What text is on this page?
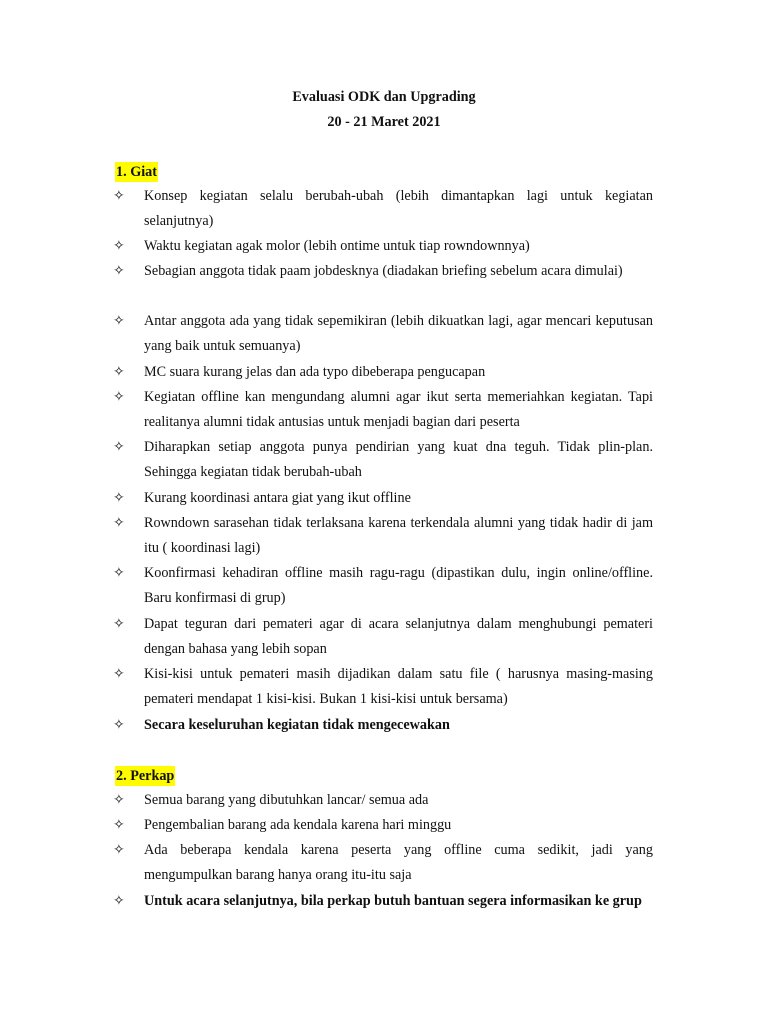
Evaluasi ODK dan Upgrading
20 - 21 Maret 2021
1. Giat
✧	Konsep kegiatan selalu berubah-ubah (lebih dimantapkan lagi untuk kegiatan selanjutnya)
✧	Waktu kegiatan agak molor (lebih ontime untuk tiap rowndownnya)
✧	Sebagian anggota tidak paam jobdesknya (diadakan briefing sebelum acara dimulai)
✧	Antar anggota ada yang tidak sepemikiran (lebih dikuatkan lagi, agar mencari keputusan yang baik untuk semuanya)
✧	MC suara kurang jelas dan ada typo dibeberapa pengucapan
✧	Kegiatan offline kan mengundang alumni agar ikut serta memeriahkan kegiatan. Tapi realitanya alumni tidak antusias untuk menjadi bagian dari peserta
✧	Diharapkan setiap anggota punya pendirian yang kuat dna teguh. Tidak plin-plan. Sehingga kegiatan tidak berubah-ubah
✧	Kurang koordinasi antara giat yang ikut offline
✧	Rowndown sarasehan tidak terlaksana karena terkendala alumni yang tidak hadir di jam itu ( koordinasi lagi)
✧	Koonfirmasi kehadiran offline masih ragu-ragu (dipastikan dulu, ingin online/offline. Baru konfirmasi di grup)
✧	Dapat teguran dari pemateri agar di acara selanjutnya dalam menghubungi pemateri dengan bahasa yang lebih sopan
✧	Kisi-kisi untuk pemateri masih dijadikan dalam satu file ( harusnya masing-masing pemateri mendapat 1 kisi-kisi. Bukan 1 kisi-kisi untuk bersama)
✧	Secara keseluruhan kegiatan tidak mengecewakan
2. Perkap
✧	Semua barang yang dibutuhkan lancar/ semua ada
✧	Pengembalian barang ada kendala karena hari minggu
✧	Ada beberapa kendala karena peserta yang offline cuma sedikit, jadi yang mengumpulkan barang hanya orang itu-itu saja
✧	Untuk acara selanjutnya, bila perkap butuh bantuan segera informasikan ke grup
